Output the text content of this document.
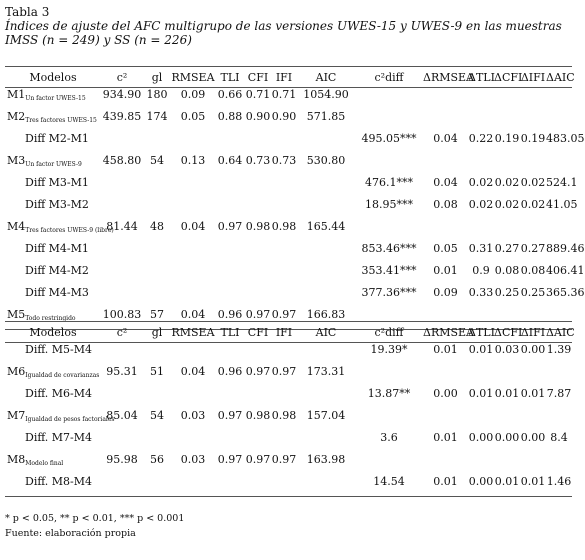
Tabla 3
Índices de ajuste del AFC multigrupo de las versiones UWES-15 y UWES-9 en las muestras IMSS (n = 249) y SS (n = 226)
Modelos	c²	gl	RMSEA	TLI	CFI	IFI	AIC	c²diff	ΔRMSEA	ΔTLI	ΔCFI	ΔIFI	ΔAIC
$M1_{Un factor UWES-15}$	934.90	180	0.09	0.66	0.71	0.71	1054.90						
$M2_{Tres factores UWES-15}$	439.85	174	0.05	0.88	0.90	0.90	571.85						
Diff M2-M1								495.05***	0.04	0.22	0.19	0.19	483.05
$M3_{Un factor UWES-9}$	458.80	54	0.13	0.64	0.73	0.73	530.80						
Diff M3-M1								476.1***	0.04	0.02	0.02	0.02	524.1
Diff M3-M2								18.95***	0.08	0.02	0.02	0.02	41.05
$M4_{Tres factores UWES-9 (libre)}$	81.44	48	0.04	0.97	0.98	0.98	165.44						
Diff M4-M1								853.46***	0.05	0.31	0.27	0.27	889.46
Diff M4-M2								353.41***	0.01	0.9	0.08	0.08	406.41
Diff M4-M3								377.36***	0.09	0.33	0.25	0.25	365.36
$M5_{Todo restringido}$	100.83	57	0.04	0.96	0.97	0.97	166.83						
Modelos	c²	gl	RMSEA	TLI	CFI	IFI	AIC	c²diff	ΔRMSEA	ΔTLI	ΔCFI	ΔIFI	ΔAIC
Diff. M5-M4								19.39*	0.01	0.01	0.03	0.00	1.39
$M6_{Igualdad de covarianzas}$	95.31	51	0.04	0.96	0.97	0.97	173.31						
Diff. M6-M4								13.87**	0.00	0.01	0.01	0.01	7.87
$M7_{Igualdad de pesos factoriales}$	85.04	54	0.03	0.97	0.98	0.98	157.04						
Diff. M7-M4								3.6	0.01	0.00	0.00	0.00	8.4
$M8_{Modelo final}$	95.98	56	0.03	0.97	0.97	0.97	163.98						
Diff. M8-M4								14.54	0.01	0.00	0.01	0.01	1.46
* p < 0.05, ** p < 0.01, *** p < 0.001
Fuente: elaboración propia
